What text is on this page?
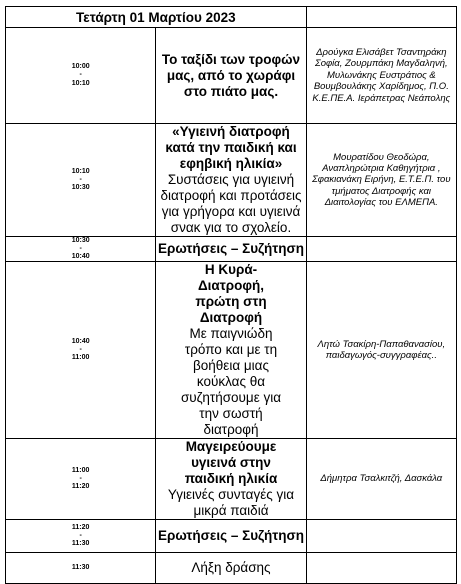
Τετάρτη 01 Μαρτίου 2023		

10:00
-
10:10	Το ταξίδι των τροφών μας, από το χωράφι στο πιάτο μας.	Δρούγκα Ελισάβετ Τσαντηράκη Σοφία, Ζουρμπάκη Μαγδαληνή, Μυλωνάκης Ευστράτιος & Βουμβουλάκης Χαρίδημος, Π.Ο. Κ.Ε.ΠΕ.Α. Ιεράπετρας Νεάπολης

10:10
-
10:30	«Υγιεινή διατροφή κατά την παιδική και εφηβική ηλικία»
Συστάσεις για υγιεινή διατροφή και προτάσεις για γρήγορα και υγιεινά σνακ για το σχολείο.	Μουρατίδου Θεοδώρα, Αναπληρώτρια Καθηγήτρια , Σφακιανάκη Ειρήνη, Ε.Τ.Ε.Π. του τμήματος Διατροφής και Διαιτολογίας του ΕΛΜΕΠΑ.

10:30
-
10:40	Ερωτήσεις – Συζήτηση	

10:40
-
11:00	Η Κυρά-Διατροφή, πρώτη στη Διατροφή
Με παιγνιώδη τρόπο και με τη βοήθεια μιας κούκλας θα συζητήσουμε για την σωστή διατροφή	Λητώ Τσακίρη-Παπαθανασίου, παιδαγωγός-συγγραφέας..

11:00
-
11:20	Μαγειρεύουμε υγιεινά στην παιδική ηλικία
Υγιεινές συνταγές για μικρά παιδιά	Δήμητρα Τσαλκιτζή, Δασκάλα

11:20
-
11:30	Ερωτήσεις – Συζήτηση	

11:30	Λήξη δράσης	
